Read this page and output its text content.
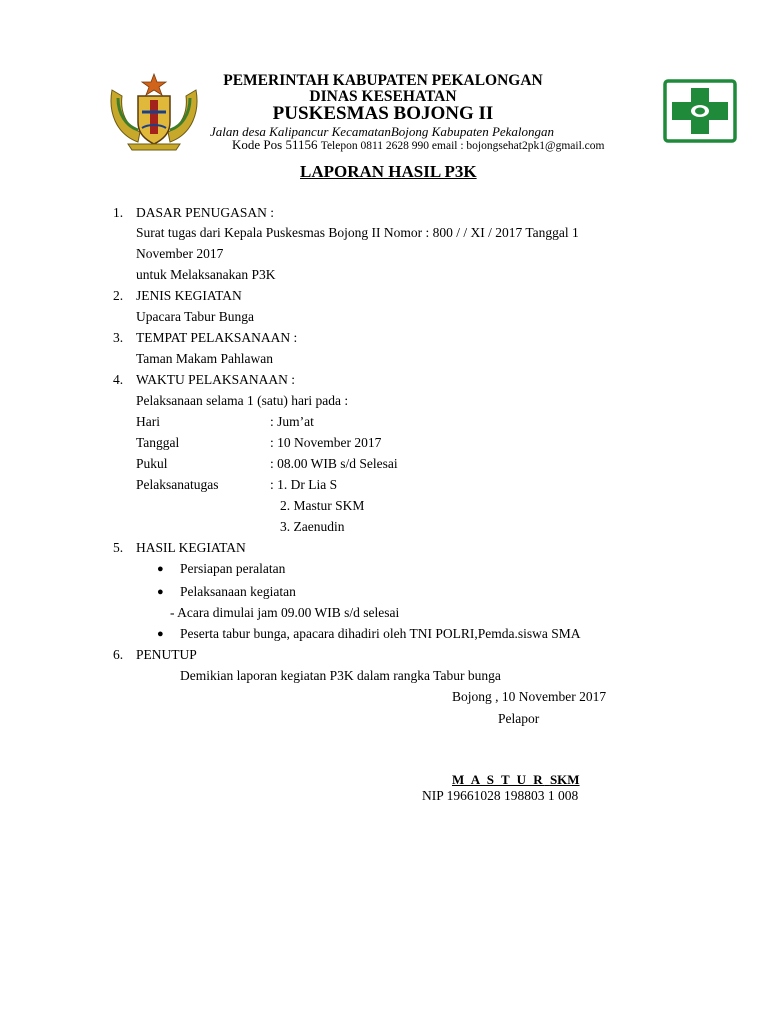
PEMERINTAH KABUPATEN PEKALONGAN
DINAS KESEHATAN
PUSKESMAS BOJONG II
Jalan desa Kalipancur KecamatanBojong Kabupaten Pekalongan
Kode Pos 51156 Telepon 0811 2628 990 email : bojongsehat2pk1@gmail.com
LAPORAN HASIL P3K
1. DASAR PENUGASAN :
Surat tugas dari Kepala Puskesmas Bojong II Nomor : 800 / / XI / 2017 Tanggal 1
November 2017
untuk Melaksanakan P3K
2. JENIS KEGIATAN
Upacara Tabur Bunga
3. TEMPAT PELAKSANAAN :
Taman Makam Pahlawan
4. WAKTU PELAKSANAAN :
Pelaksanaan selama 1 (satu) hari pada :
Hari	: Jum’at
Tanggal	: 10 November 2017
Pukul	: 08.00 WIB s/d Selesai
Pelaksanatugas	: 1. Dr Lia S
2. Mastur SKM
3. Zaenudin
5. HASIL KEGIATAN
● Persiapan peralatan
● Pelaksanaan kegiatan
- Acara dimulai jam 09.00 WIB s/d selesai
● Peserta tabur bunga, apacara dihadiri oleh TNI POLRI,Pemda.siswa SMA
6. PENUTUP
Demikian laporan kegiatan P3K dalam rangka Tabur bunga
Bojong , 10 November 2017
Pelapor
M A S T U R SKM
NIP 19661028 198803 1 008
